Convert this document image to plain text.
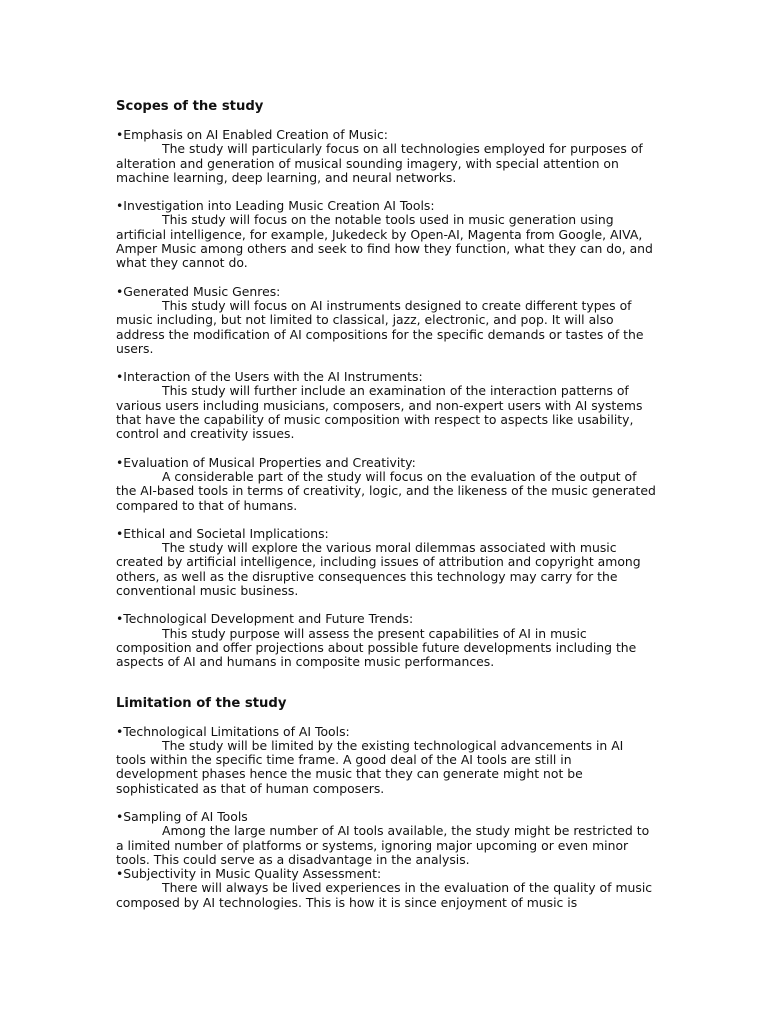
Scopes of the study
•Emphasis on AI Enabled Creation of Music:
The study will particularly focus on all technologies employed for purposes of alteration and generation of musical sounding imagery, with special attention on machine learning, deep learning, and neural networks.
•Investigation into Leading Music Creation AI Tools:
This study will focus on the notable tools used in music generation using artificial intelligence, for example, Jukedeck by Open-AI, Magenta from Google, AIVA, Amper Music among others and seek to find how they function, what they can do, and what they cannot do.
•Generated Music Genres:
This study will focus on AI instruments designed to create different types of music including, but not limited to classical, jazz, electronic, and pop. It will also address the modification of AI compositions for the specific demands or tastes of the users.
•Interaction of the Users with the AI Instruments:
This study will further include an examination of the interaction patterns of various users including musicians, composers, and non-expert users with AI systems that have the capability of music composition with respect to aspects like usability, control and creativity issues.
•Evaluation of Musical Properties and Creativity:
A considerable part of the study will focus on the evaluation of the output of the AI-based tools in terms of creativity, logic, and the likeness of the music generated compared to that of humans.
•Ethical and Societal Implications:
The study will explore the various moral dilemmas associated with music created by artificial intelligence, including issues of attribution and copyright among others, as well as the disruptive consequences this technology may carry for the conventional music business.
•Technological Development and Future Trends:
This study purpose will assess the present capabilities of AI in music composition and offer projections about possible future developments including the aspects of AI and humans in composite music performances.
Limitation of the study
•Technological Limitations of AI Tools:
The study will be limited by the existing technological advancements in AI tools within the specific time frame. A good deal of the AI tools are still in development phases hence the music that they can generate might not be sophisticated as that of human composers.
•Sampling of AI Tools
Among the large number of AI tools available, the study might be restricted to a limited number of platforms or systems, ignoring major upcoming or even minor tools. This could serve as a disadvantage in the analysis.
•Subjectivity in Music Quality Assessment:
There will always be lived experiences in the evaluation of the quality of music composed by AI technologies. This is how it is since enjoyment of music is
